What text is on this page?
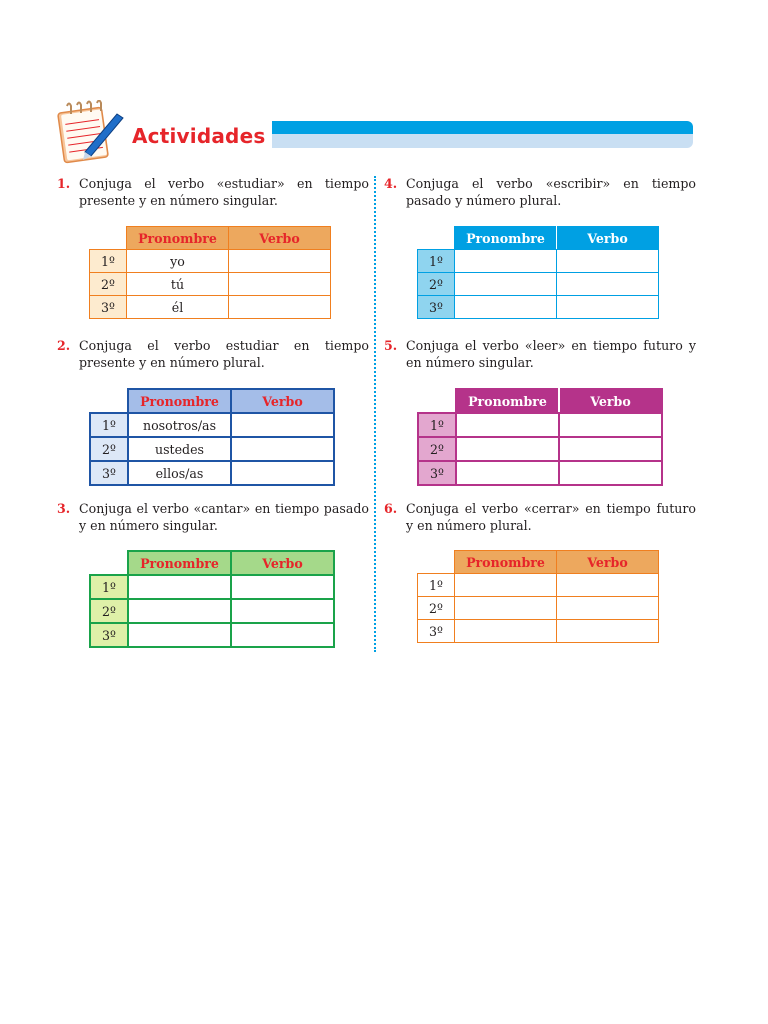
Actividades
1. Conjuga el verbo «estudiar» en tiempo presente y en número singular.
	Pronombre	Verbo
1º	yo	
2º	tú	
3º	él	
2. Conjuga el verbo estudiar en tiempo presente y en número plural.
	Pronombre	Verbo
1º	nosotros/as	
2º	ustedes	
3º	ellos/as	
3. Conjuga el verbo «cantar» en tiempo pasado y en número singular.
	Pronombre	Verbo
1º		
2º		
3º		
4. Conjuga el verbo «escribir» en tiempo pasado y número plural.
	Pronombre	Verbo
1º		
2º		
3º		
5. Conjuga el verbo «leer» en tiempo futuro y en número singular.
	Pronombre	Verbo
1º		
2º		
3º		
6. Conjuga el verbo «cerrar» en tiempo futuro y en número plural.
	Pronombre	Verbo
1º		
2º		
3º		
